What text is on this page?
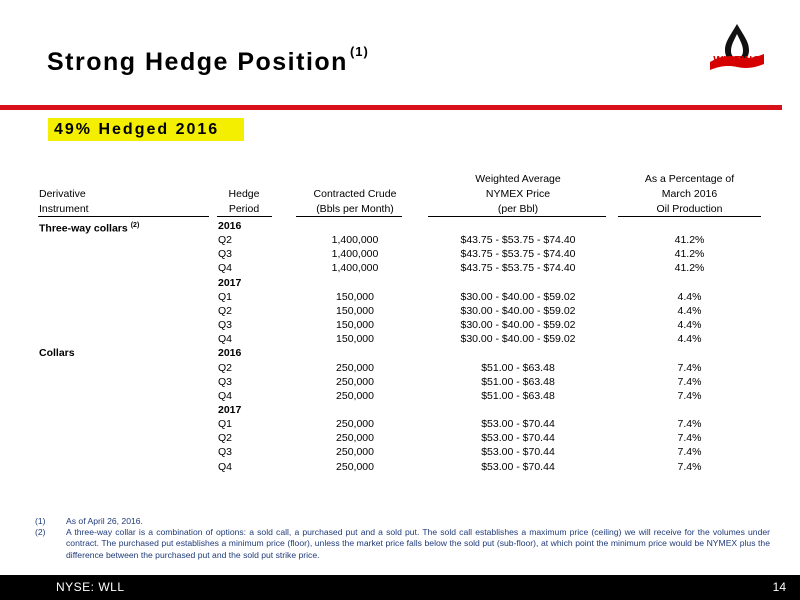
Strong Hedge Position $^{(1)}$
WHITING
49% Hedged 2016
Derivative
Instrument
Hedge
Period
Contracted Crude
(Bbls per Month)
Weighted Average
NYMEX Price
(per Bbl)
As a Percentage of
March 2016
Oil Production
Three-way collars $^{(2)}$	2016
Q2	1,400,000	$43.75 - $53.75 - $74.40	41.2%
Q3	1,400,000	$43.75 - $53.75 - $74.40	41.2%
Q4	1,400,000	$43.75 - $53.75 - $74.40	41.2%
2017
Q1	150,000	$30.00 - $40.00 - $59.02	4.4%
Q2	150,000	$30.00 - $40.00 - $59.02	4.4%
Q3	150,000	$30.00 - $40.00 - $59.02	4.4%
Q4	150,000	$30.00 - $40.00 - $59.02	4.4%
Collars	2016
Q2	250,000	$51.00 - $63.48	7.4%
Q3	250,000	$51.00 - $63.48	7.4%
Q4	250,000	$51.00 - $63.48	7.4%
2017
Q1	250,000	$53.00 - $70.44	7.4%
Q2	250,000	$53.00 - $70.44	7.4%
Q3	250,000	$53.00 - $70.44	7.4%
Q4	250,000	$53.00 - $70.44	7.4%
(1)	As of April 26, 2016.
(2)	A three-way collar is a combination of options: a sold call, a purchased put and a sold put. The sold call establishes a maximum price (ceiling) we will receive for the volumes under contract. The purchased put establishes a minimum price (floor), unless the market price falls below the sold put (sub-floor), at which point the minimum price would be NYMEX plus the difference between the purchased put and the sold put strike price.
NYSE: WLL	14
